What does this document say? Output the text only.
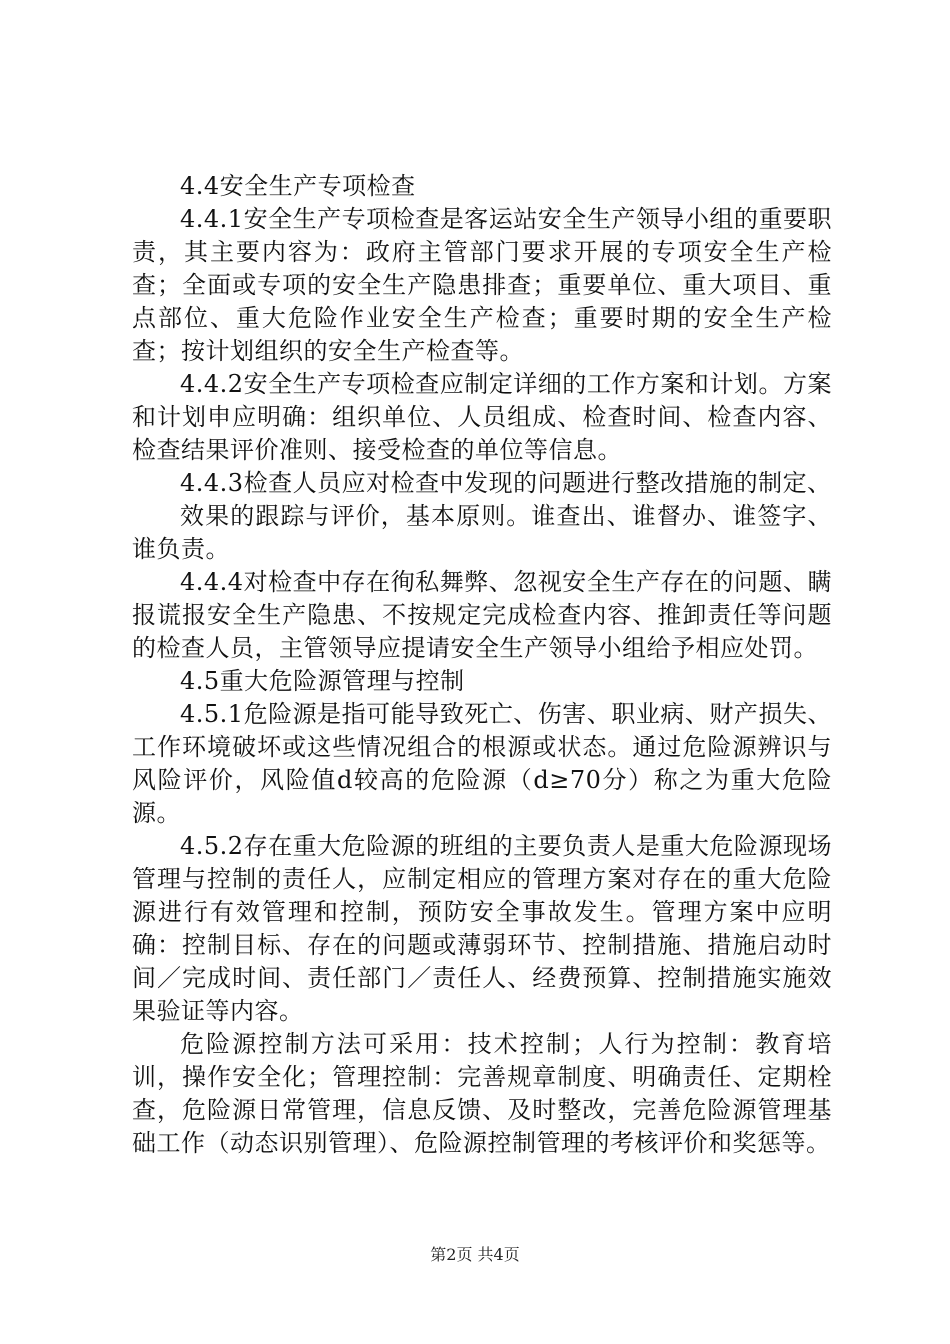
4.4安全生产专项检查

4.4.1安全生产专项检查是客运站安全生产领导小组的重要职责，其主要内容为：政府主管部门要求开展的专项安全生产检查；全面或专项的安全生产隐患排查；重要单位、重大项目、重点部位、重大危险作业安全生产检查；重要时期的安全生产检查；按计划组织的安全生产检查等。

4.4.2安全生产专项检查应制定详细的工作方案和计划。方案和计划申应明确：组织单位、人员组成、检查时间、检查内容、检查结果评价准则、接受检查的单位等信息。

4.4.3检查人员应对检查中发现的问题进行整改措施的制定、

效果的跟踪与评价，基本原则。谁查出、谁督办、谁签字、谁负责。

4.4.4对检查中存在徇私舞弊、忽视安全生产存在的问题、瞒报谎报安全生产隐患、不按规定完成检查内容、推卸责任等问题的检查人员，主管领导应提请安全生产领导小组给予相应处罚。

4.5重大危险源管理与控制

4.5.1危险源是指可能导致死亡、伤害、职业病、财产损失、工作环境破坏或这些情况组合的根源或状态。通过危险源辨识与风险评价，风险值d较高的危险源（d≥70分）称之为重大危险源。

4.5.2存在重大危险源的班组的主要负责人是重大危险源现场管理与控制的责任人，应制定相应的管理方案对存在的重大危险源进行有效管理和控制，预防安全事故发生。管理方案中应明确：控制目标、存在的问题或薄弱环节、控制措施、措施启动时间／完成时间、责任部门／责任人、经费预算、控制措施实施效果验证等内容。

危险源控制方法可采用：技术控制；人行为控制：教育培训，操作安全化；管理控制：完善规章制度、明确责任、定期栓查，危险源日常管理，信息反馈、及时整改，完善危险源管理基础工作（动态识别管理）、危险源控制管理的考核评价和奖惩等。

第2页 共4页
